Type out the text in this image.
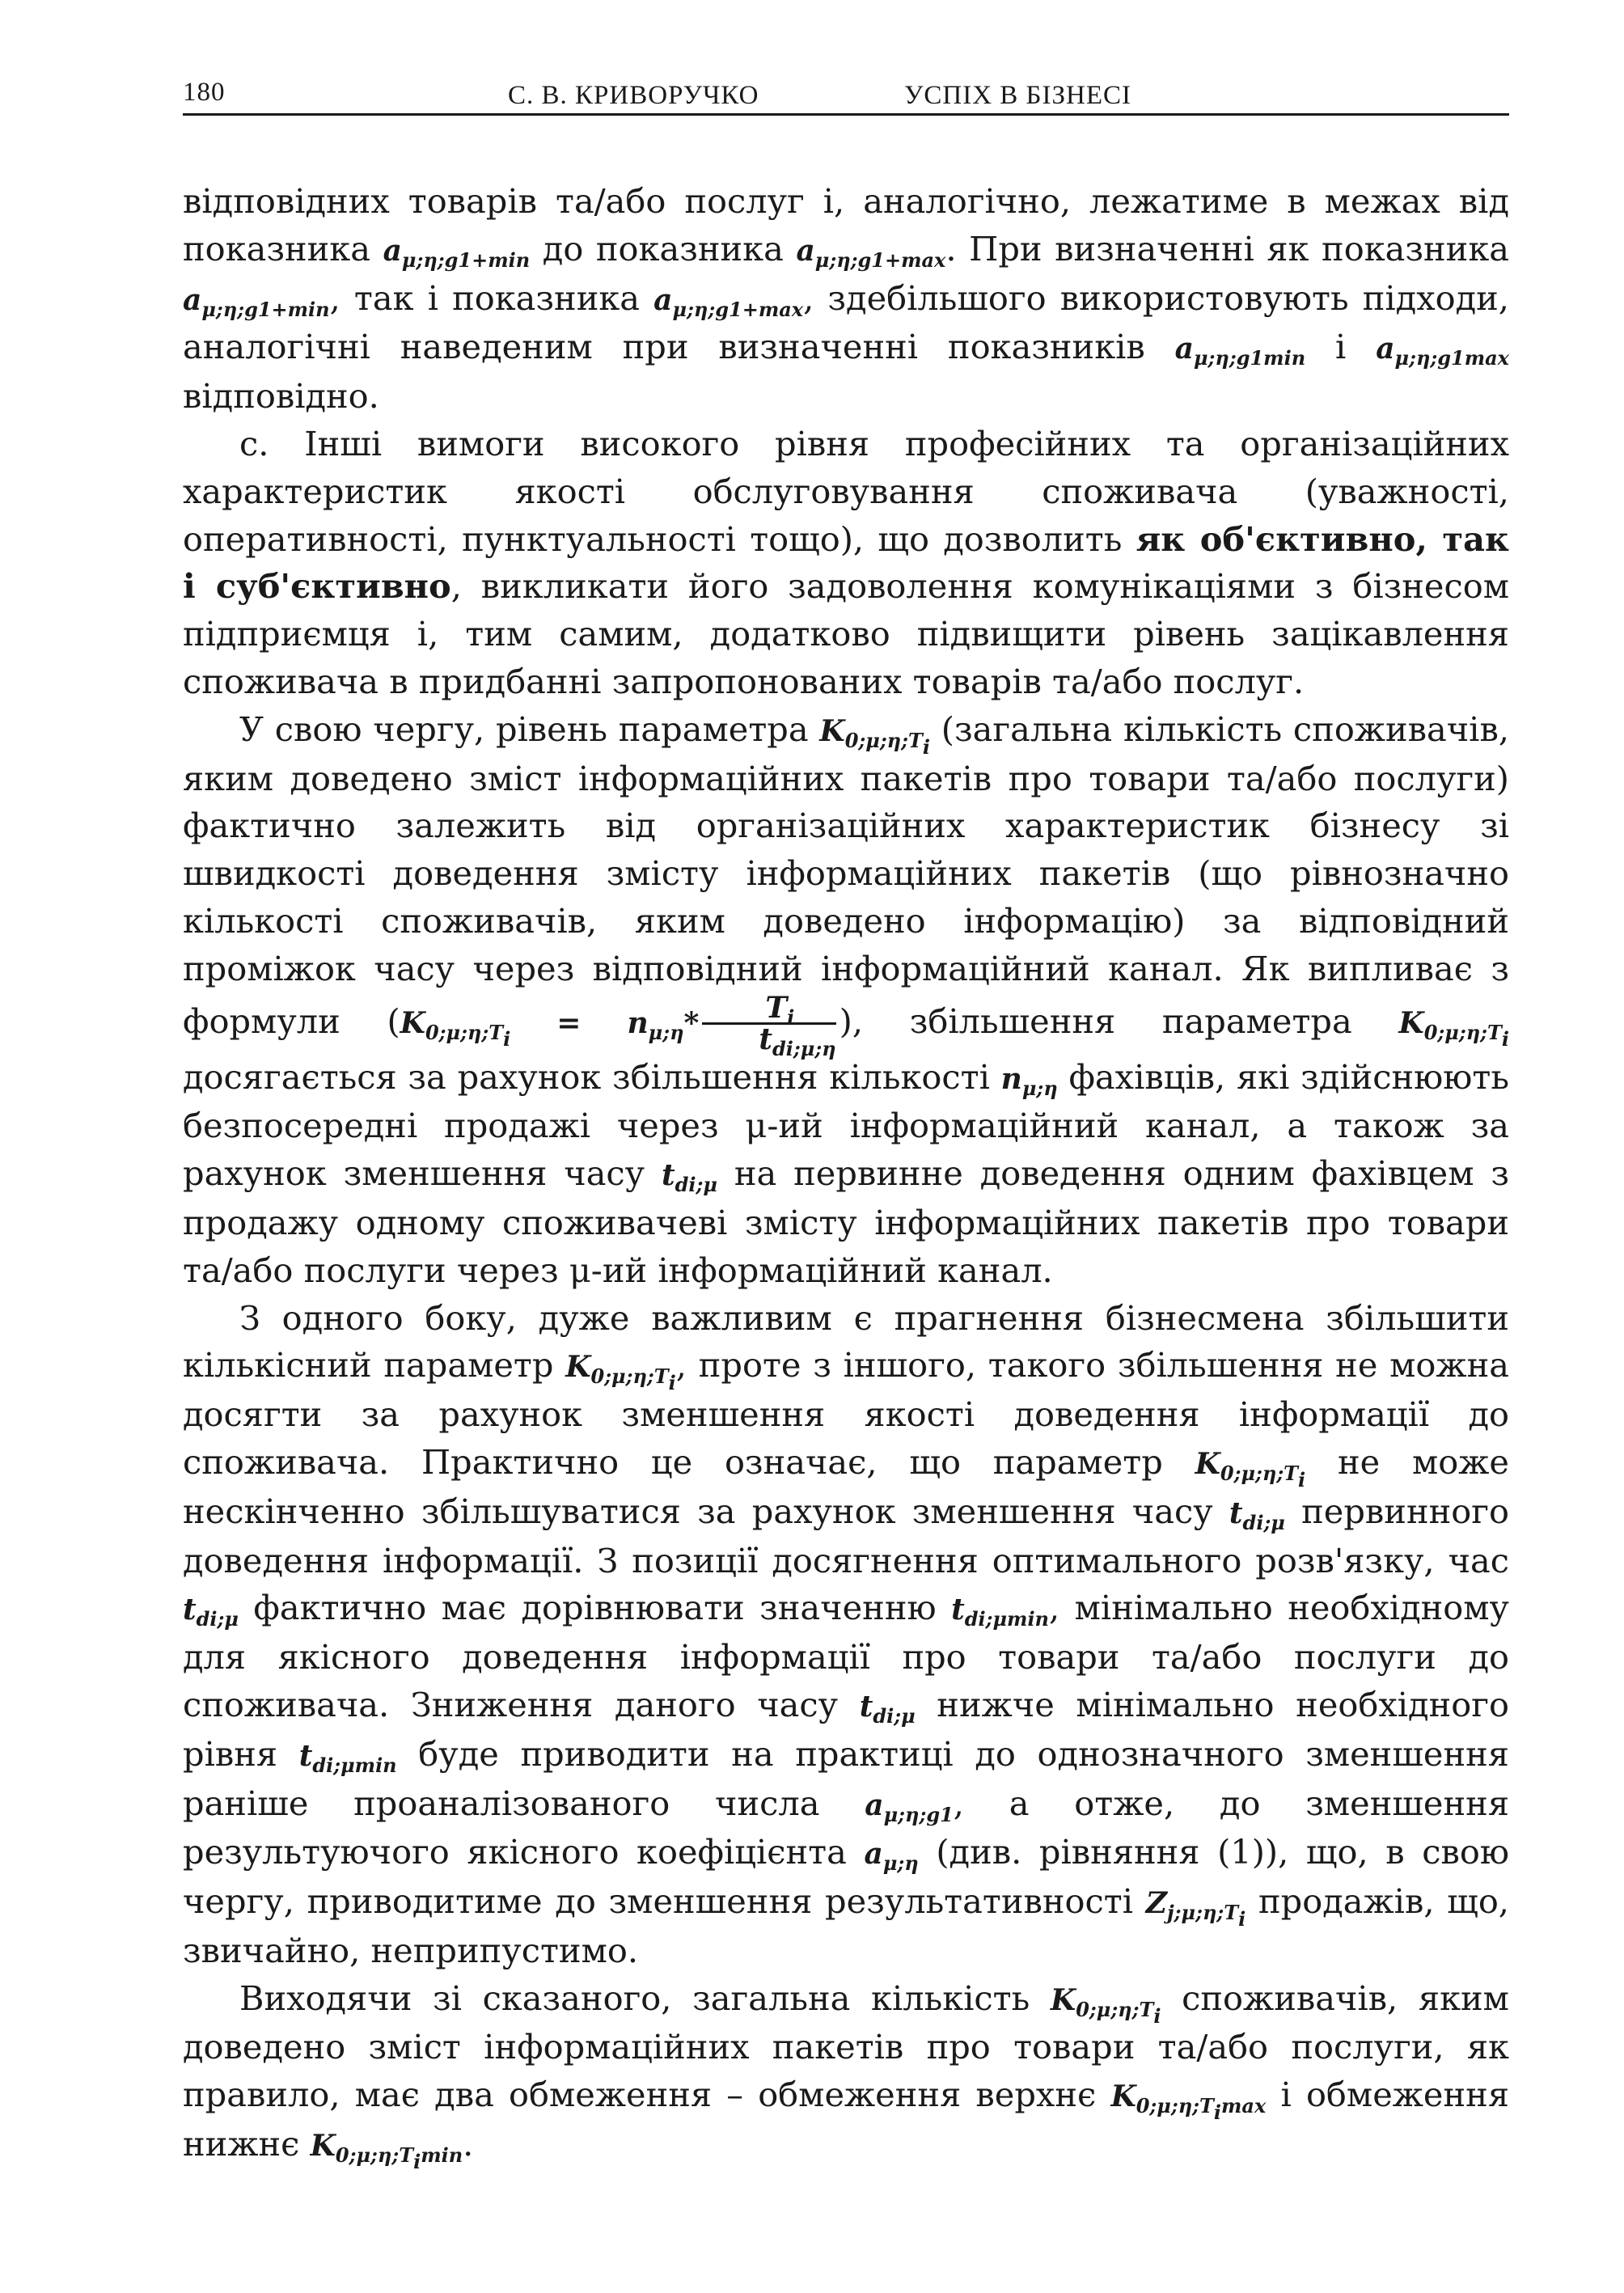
180	С. В. КРИВОРУЧКО	УСПІХ В БІЗНЕСІ

відповідних товарів та/або послуг і, аналогічно, лежатиме в межах від показника $a_{\mu;\eta;g1+min}$ до показника $a_{\mu;\eta;g1+max}$. При визначенні як показника $a_{\mu;\eta;g1+min}$, так і показника $a_{\mu;\eta;g1+max}$, здебільшого використовують підходи, аналогічні наведеним при визначенні показників $a_{\mu;\eta;g1min}$ і $a_{\mu;\eta;g1max}$ відповідно.

c. Інші вимоги високого рівня професійних та організаційних характеристик якості обслуговування споживача (уважності, оперативності, пунктуальності тощо), що дозволить як об'єктивно, так і суб'єктивно, викликати його задоволення комунікаціями з бізнесом підприємця і, тим самим, додатково підвищити рівень зацікавлення споживача в придбанні запропонованих товарів та/або послуг.

У свою чергу, рівень параметра $K_{0;\mu;\eta;T_i}$ (загальна кількість споживачів, яким доведено зміст інформаційних пакетів про товари та/або послуги) фактично залежить від організаційних характеристик бізнесу зі швидкості доведення змісту інформаційних пакетів (що рівнозначно кількості споживачів, яким доведено інформацію) за відповідний проміжок часу через відповідний інформаційний канал. Як випливає з формули ($K_{0;\mu;\eta;T_i} = n_{\mu;\eta}* \frac{T_i}{t_{di;\mu;\eta}}$ ), збільшення параметра $K_{0;\mu;\eta;T_i}$ досягається за рахунок збільшення кількості $n_{\mu;\eta}$ фахівців, які здійснюють безпосередні продажі через μ-ий інформаційний канал, а також за рахунок зменшення часу $t_{di;\mu}$ на первинне доведення одним фахівцем з продажу одному споживачеві змісту інформаційних пакетів про товари та/або послуги через μ-ий інформаційний канал.

З одного боку, дуже важливим є прагнення бізнесмена збільшити кількісний параметр $K_{0;\mu;\eta;T_i}$, проте з іншого, такого збільшення не можна досягти за рахунок зменшення якості доведення інформації до споживача. Практично це означає, що параметр $K_{0;\mu;\eta;T_i}$ не може нескінченно збільшуватися за рахунок зменшення часу $t_{di;\mu}$ первинного доведення інформації. З позиції досягнення оптимального розв'язку, час $t_{di;\mu}$ фактично має дорівнювати значенню $t_{di;\mu min}$, мінімально необхідному для якісного доведення інформації про товари та/або послуги до споживача. Зниження даного часу $t_{di;\mu}$ нижче мінімально необхідного рівня $t_{di;\mu min}$ буде приводити на практиці до однозначного зменшення раніше проаналізованого числа $a_{\mu;\eta;g1}$, а отже, до зменшення результуючого якісного коефіцієнта $a_{\mu;\eta}$ (див. рівняння (1)), що, в свою чергу, приводитиме до зменшення результативності $Z_{j;\mu;\eta;T_i}$ продажів, що, звичайно, неприпустимо.

Виходячи зі сказаного, загальна кількість $K_{0;\mu;\eta;T_i}$ споживачів, яким доведено зміст інформаційних пакетів про товари та/або послуги, як правило, має два обмеження – обмеження верхнє $K_{0;\mu;\eta;T_imax}$ і обмеження нижнє $K_{0;\mu;\eta;T_imin}$.
